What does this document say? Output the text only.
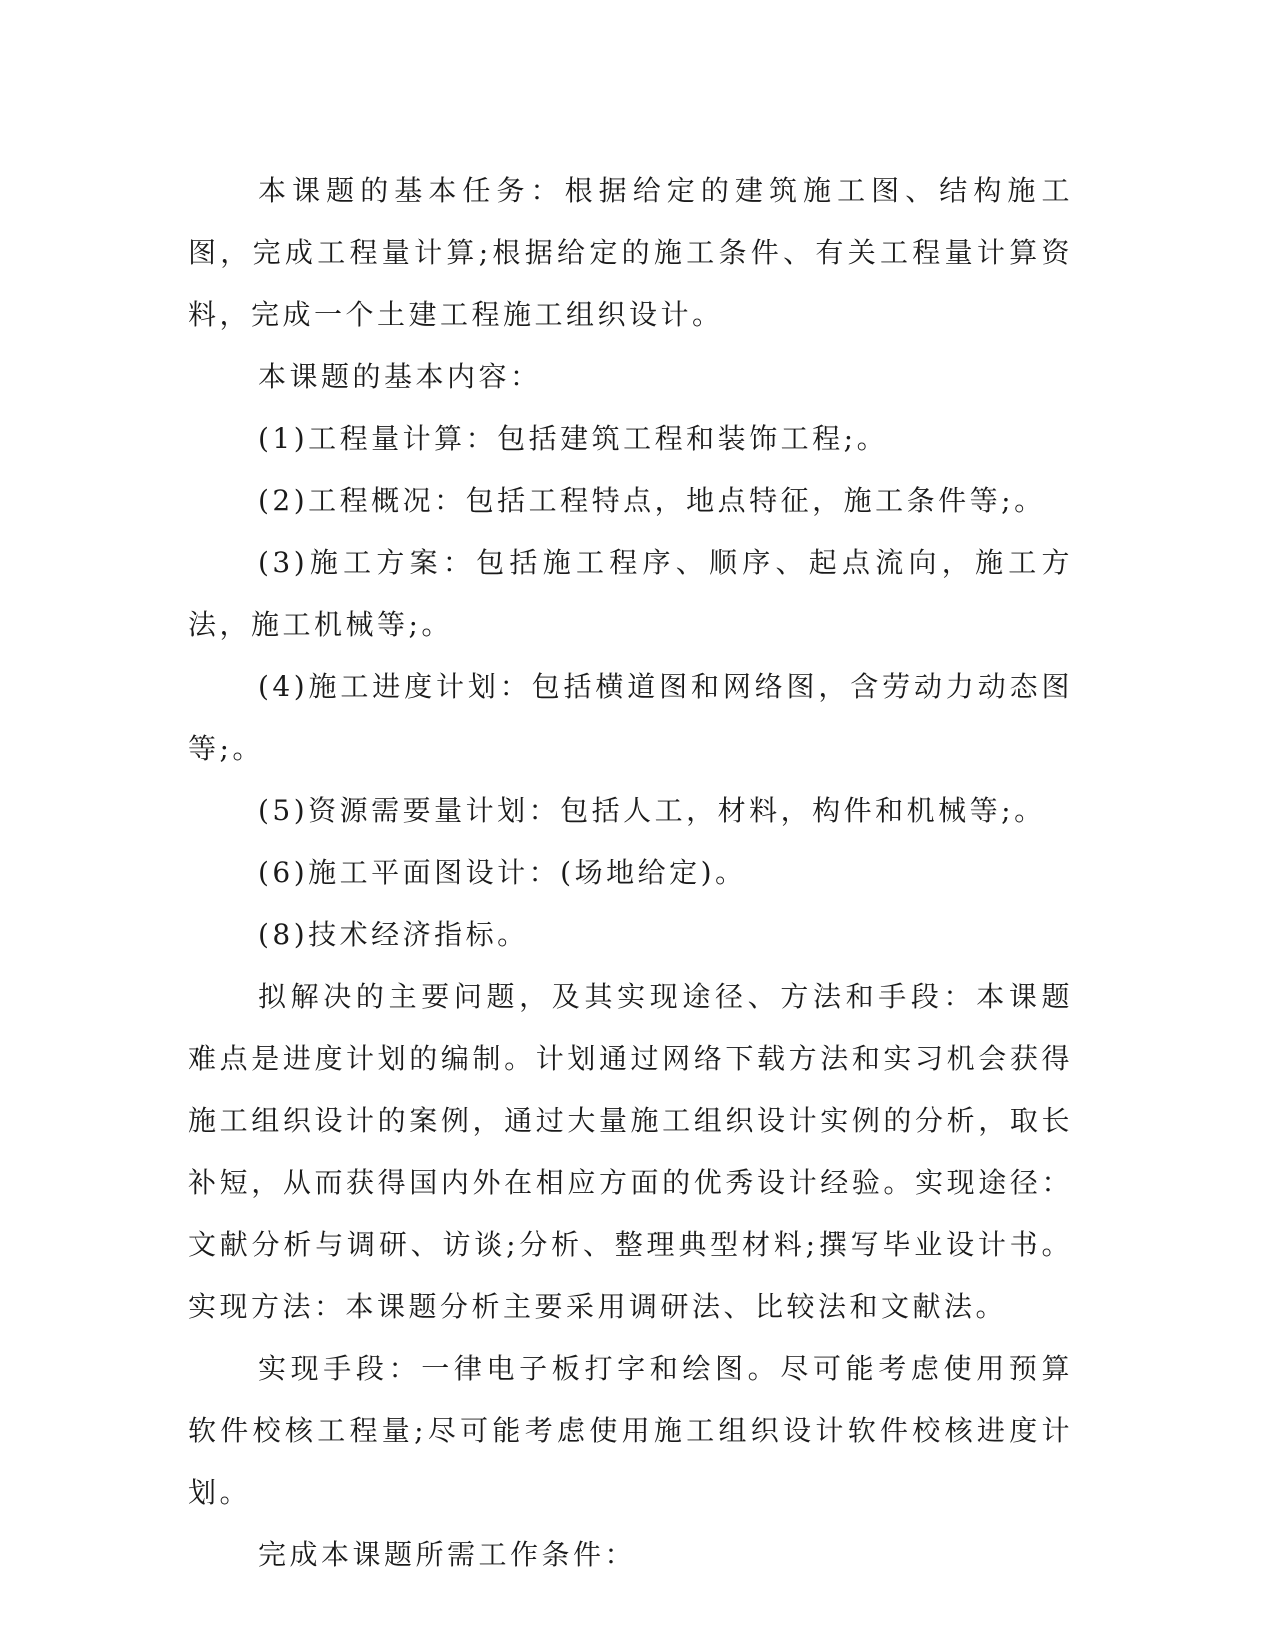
本课题的基本任务：根据给定的建筑施工图、结构施工图，完成工程量计算;根据给定的施工条件、有关工程量计算资料，完成一个土建工程施工组织设计。

本课题的基本内容：

(1)工程量计算：包括建筑工程和装饰工程;。

(2)工程概况：包括工程特点，地点特征，施工条件等;。

(3)施工方案：包括施工程序、顺序、起点流向，施工方法，施工机械等;。

(4)施工进度计划：包括横道图和网络图，含劳动力动态图等;。

(5)资源需要量计划：包括人工，材料，构件和机械等;。

(6)施工平面图设计：(场地给定)。

(8)技术经济指标。

拟解决的主要问题，及其实现途径、方法和手段：本课题难点是进度计划的编制。计划通过网络下载方法和实习机会获得施工组织设计的案例，通过大量施工组织设计实例的分析，取长补短，从而获得国内外在相应方面的优秀设计经验。实现途径：文献分析与调研、访谈;分析、整理典型材料;撰写毕业设计书。实现方法：本课题分析主要采用调研法、比较法和文献法。

实现手段：一律电子板打字和绘图。尽可能考虑使用预算软件校核工程量;尽可能考虑使用施工组织设计软件校核进度计划。

完成本课题所需工作条件：
